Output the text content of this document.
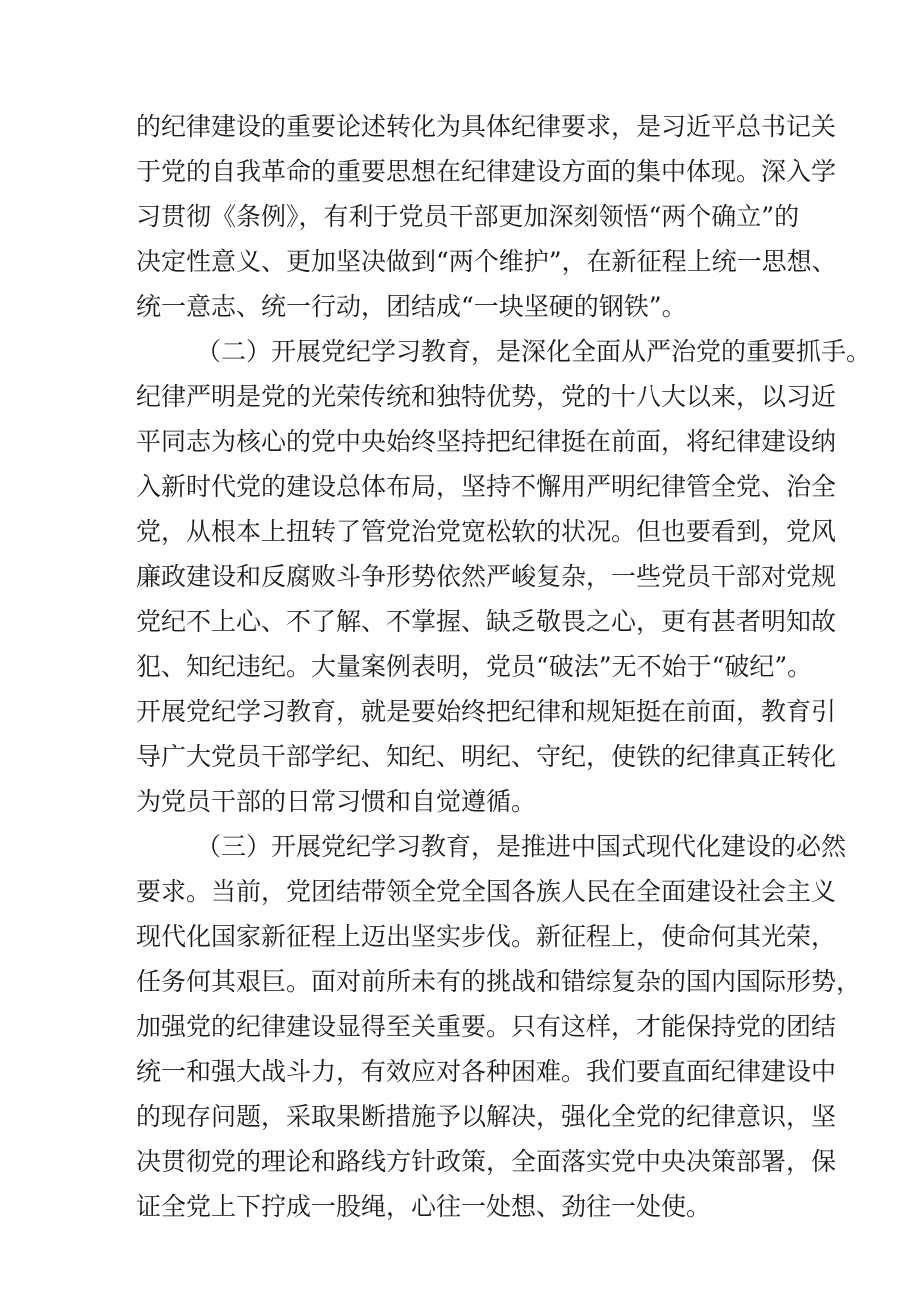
的纪律建设的重要论述转化为具体纪律要求，是习近平总书记关
于党的自我革命的重要思想在纪律建设方面的集中体现。深入学
习贯彻《条例》，有利于党员干部更加深刻领悟“两个确立”的
决定性意义、更加坚决做到“两个维护”，在新征程上统一思想、
统一意志、统一行动，团结成“一块坚硬的钢铁”。
（二）开展党纪学习教育，是深化全面从严治党的重要抓手。
纪律严明是党的光荣传统和独特优势，党的十八大以来，以习近
平同志为核心的党中央始终坚持把纪律挺在前面，将纪律建设纳
入新时代党的建设总体布局，坚持不懈用严明纪律管全党、治全
党，从根本上扭转了管党治党宽松软的状况。但也要看到，党风
廉政建设和反腐败斗争形势依然严峻复杂，一些党员干部对党规
党纪不上心、不了解、不掌握、缺乏敬畏之心，更有甚者明知故
犯、知纪违纪。大量案例表明，党员“破法”无不始于“破纪”。
开展党纪学习教育，就是要始终把纪律和规矩挺在前面，教育引
导广大党员干部学纪、知纪、明纪、守纪，使铁的纪律真正转化
为党员干部的日常习惯和自觉遵循。
（三）开展党纪学习教育，是推进中国式现代化建设的必然
要求。当前，党团结带领全党全国各族人民在全面建设社会主义
现代化国家新征程上迈出坚实步伐。新征程上，使命何其光荣，
任务何其艰巨。面对前所未有的挑战和错综复杂的国内国际形势，
加强党的纪律建设显得至关重要。只有这样，才能保持党的团结
统一和强大战斗力，有效应对各种困难。我们要直面纪律建设中
的现存问题，采取果断措施予以解决，强化全党的纪律意识，坚
决贯彻党的理论和路线方针政策，全面落实党中央决策部署，保
证全党上下拧成一股绳，心往一处想、劲往一处使。
